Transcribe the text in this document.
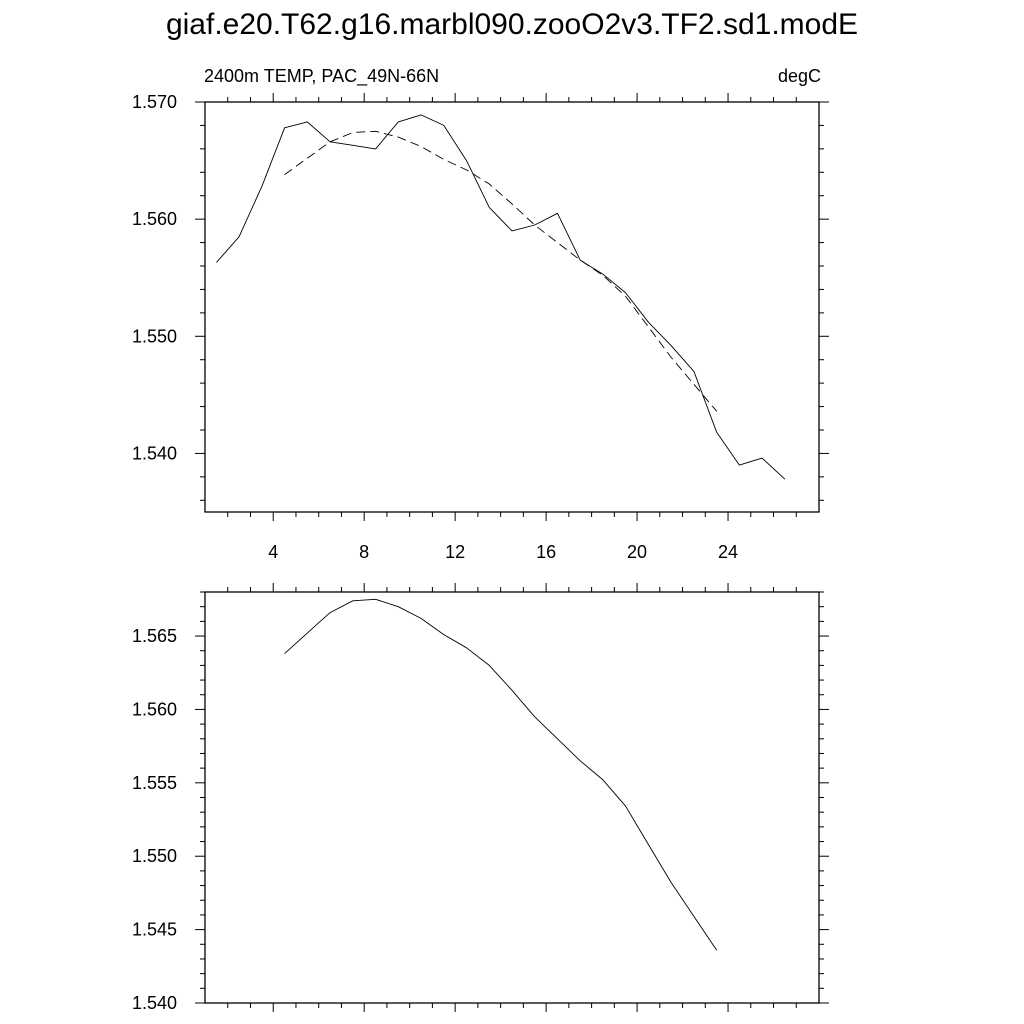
giaf.e20.T62.g16.marbl090.zooO2v3.TF2.sd1.modE
2400m TEMP, PAC_49N-66N	degC
4	8	12	16	20	24
1.540
1.550
1.560
1.570
1.540
1.545
1.550
1.555
1.560
1.565
